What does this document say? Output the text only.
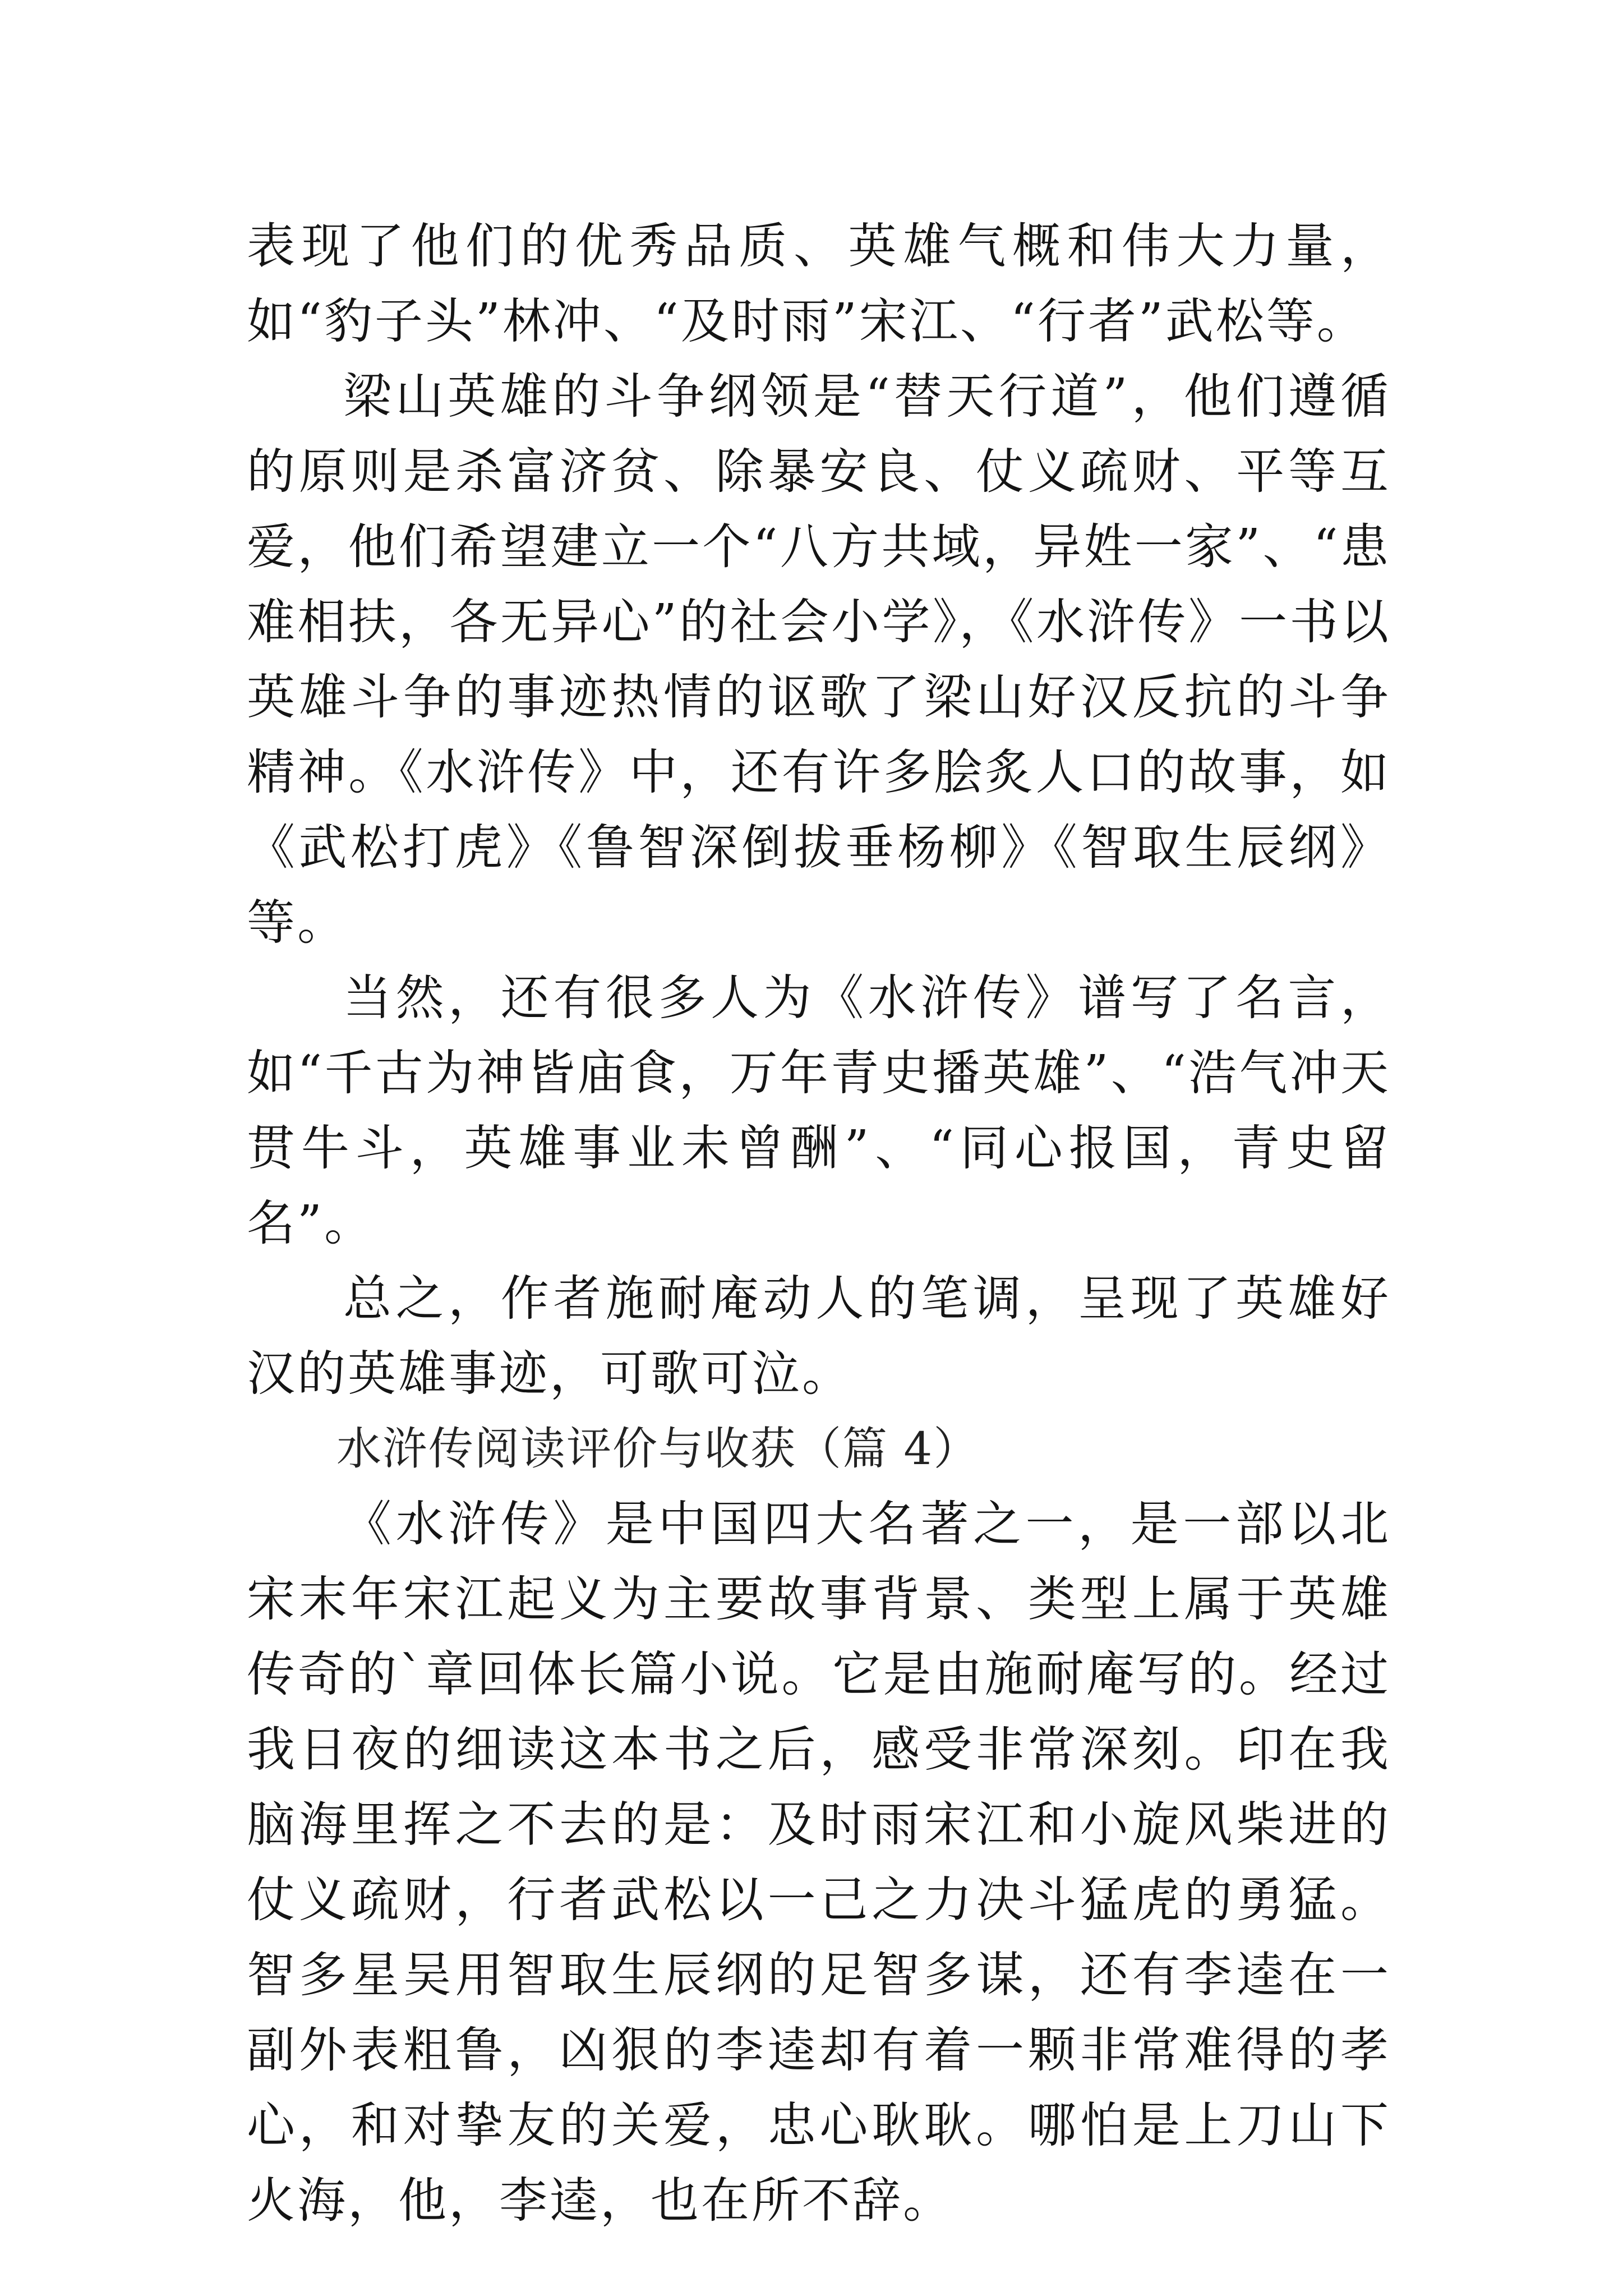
表现了他们的优秀品质、英雄气概和伟大力量，如“豹子头”林冲、“及时雨”宋江、“行者”武松等。

梁山英雄的斗争纲领是“替天行道”，他们遵循的原则是杀富济贫、除暴安良、仗义疏财、平等互爱，他们希望建立一个“八方共域，异姓一家”、“患难相扶，各无异心”的社会小学》，《水浒传》一书以英雄斗争的事迹热情的讴歌了梁山好汉反抗的斗争精神。《水浒传》中，还有许多脍炙人口的故事，如《武松打虎》《鲁智深倒拔垂杨柳》《智取生辰纲》等。

当然，还有很多人为《水浒传》谱写了名言，如“千古为神皆庙食，万年青史播英雄”、“浩气冲天贯牛斗，英雄事业未曾酬”、“同心报国，青史留名”。

总之，作者施耐庵动人的笔调，呈现了英雄好汉的英雄事迹，可歌可泣。

水浒传阅读评价与收获（篇 4）

《水浒传》是中国四大名著之一，是一部以北宋末年宋江起义为主要故事背景、类型上属于英雄传奇的`章回体长篇小说。它是由施耐庵写的。经过我日夜的细读这本书之后，感受非常深刻。印在我脑海里挥之不去的是：及时雨宋江和小旋风柴进的仗义疏财，行者武松以一己之力决斗猛虎的勇猛。智多星吴用智取生辰纲的足智多谋，还有李逵在一副外表粗鲁，凶狠的李逵却有着一颗非常难得的孝心，和对挚友的关爱，忠心耿耿。哪怕是上刀山下火海，他，李逵，也在所不辞。
